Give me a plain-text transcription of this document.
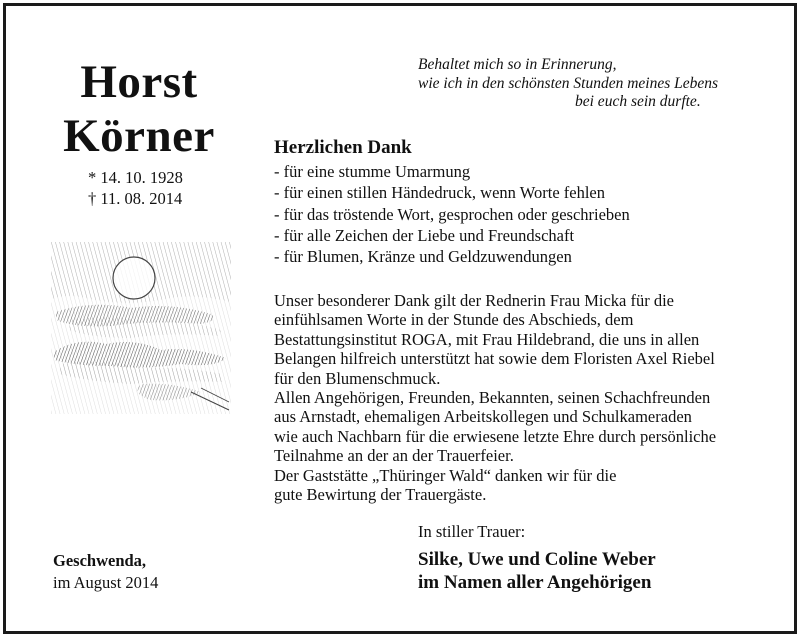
Horst
Körner
* 14. 10. 1928
† 11. 08. 2014
Behaltet mich so in Erinnerung,
wie ich in den schönsten Stunden meines Lebens
bei euch sein durfte.
Herzlichen Dank
- für eine stumme Umarmung
- für einen stillen Händedruck, wenn Worte fehlen
- für das tröstende Wort, gesprochen oder geschrieben
- für alle Zeichen der Liebe und Freundschaft
- für Blumen, Kränze und Geldzuwendungen
Unser besonderer Dank gilt der Rednerin Frau Micka für die
einfühlsamen Worte in der Stunde des Abschieds, dem
Bestattungsinstitut ROGA, mit Frau Hildebrand, die uns in allen
Belangen hilfreich unterstützt hat sowie dem Floristen Axel Riebel
für den Blumenschmuck.
Allen Angehörigen, Freunden, Bekannten, seinen Schachfreunden
aus Arnstadt, ehemaligen Arbeitskollegen und Schulkameraden
wie auch Nachbarn für die erwiesene letzte Ehre durch persönliche
Teilnahme an der an der Trauerfeier.
Der Gaststätte „Thüringer Wald“ danken wir für die
gute Bewirtung der Trauergäste.
Geschwenda,
im August 2014
In stiller Trauer:
Silke, Uwe und Coline Weber
im Namen aller Angehörigen
